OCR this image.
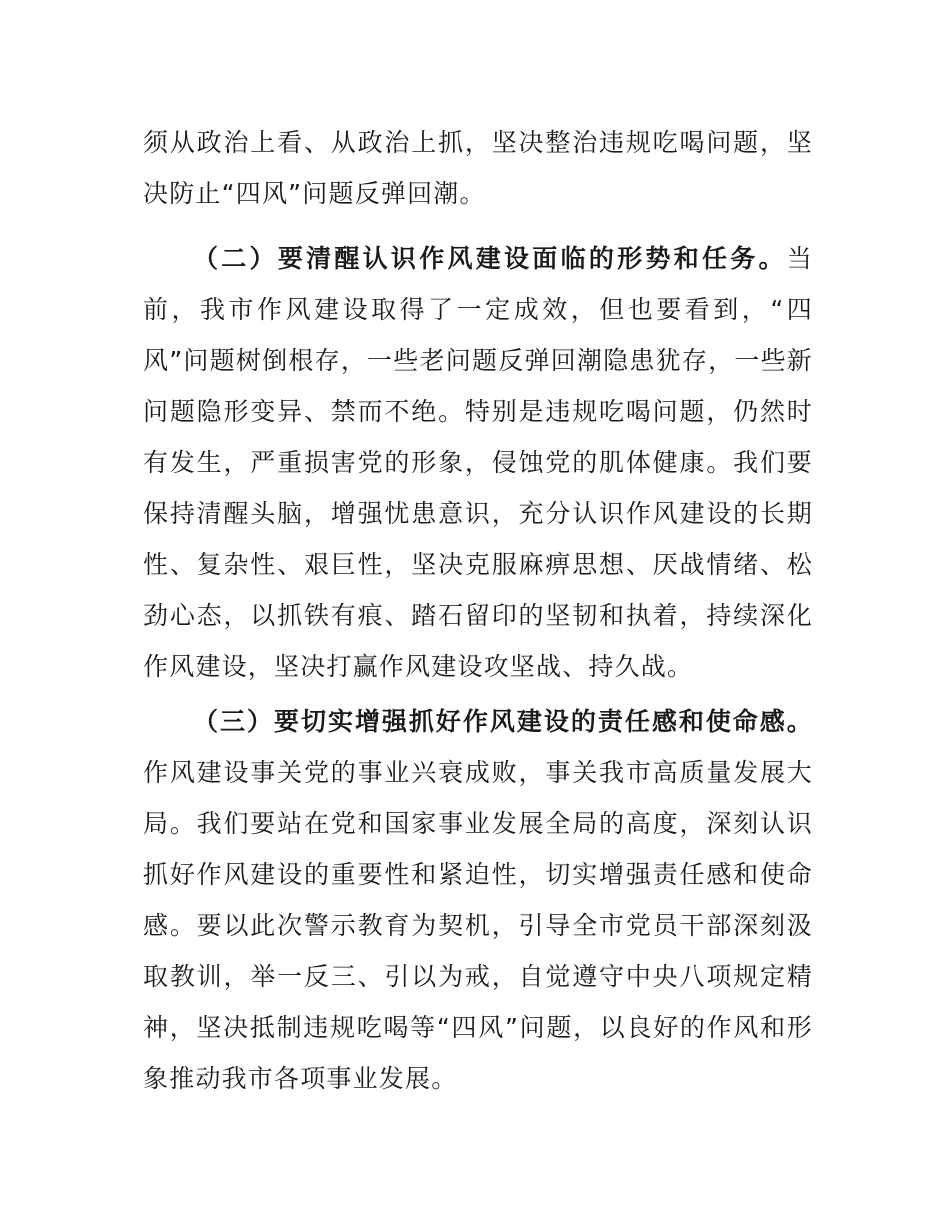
须从政治上看、从政治上抓，坚决整治违规吃喝问题，坚决防止“四风”问题反弹回潮。

（二）要清醒认识作风建设面临的形势和任务。当前，我市作风建设取得了一定成效，但也要看到，“四风”问题树倒根存，一些老问题反弹回潮隐患犹存，一些新问题隐形变异、禁而不绝。特别是违规吃喝问题，仍然时有发生，严重损害党的形象，侵蚀党的肌体健康。我们要保持清醒头脑，增强忧患意识，充分认识作风建设的长期性、复杂性、艰巨性，坚决克服麻痹思想、厌战情绪、松劲心态，以抓铁有痕、踏石留印的坚韧和执着，持续深化作风建设，坚决打赢作风建设攻坚战、持久战。

（三）要切实增强抓好作风建设的责任感和使命感。作风建设事关党的事业兴衰成败，事关我市高质量发展大局。我们要站在党和国家事业发展全局的高度，深刻认识抓好作风建设的重要性和紧迫性，切实增强责任感和使命感。要以此次警示教育为契机，引导全市党员干部深刻汲取教训，举一反三、引以为戒，自觉遵守中央八项规定精神，坚决抵制违规吃喝等“四风”问题，以良好的作风和形象推动我市各项事业发展。
